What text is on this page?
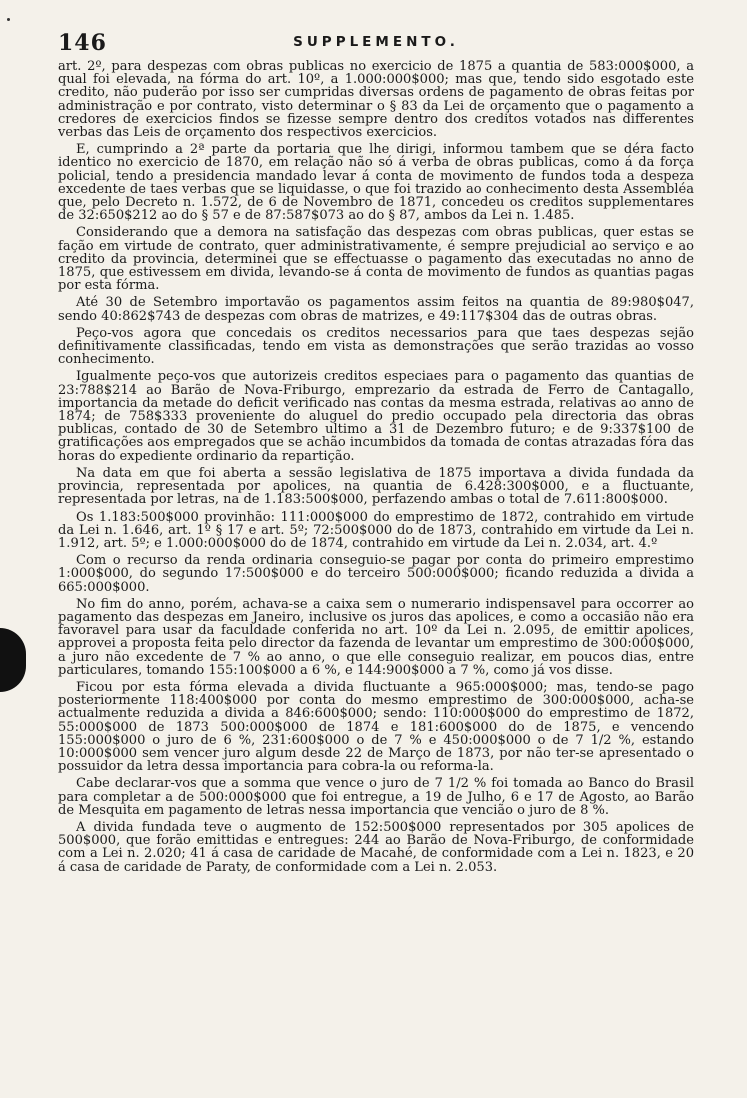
146	SUPPLEMENTO.

art. 2º, para despezas com obras publicas no exercicio de 1875 a quantia de 583:000$000, a qual foi elevada, na fórma do art. 10º, a 1.000:000$000; mas que, tendo sido esgotado este credito, não puderão por isso ser cumpridas diversas ordens de pagamento de obras feitas por administração e por contrato, visto determinar o § 83 da Lei de orçamento que o pagamento a credores de exercicios findos se fizesse sempre dentro dos creditos votados nas differentes verbas das Leis de orçamento dos respectivos exercicios.

E, cumprindo a 2ª parte da portaria que lhe dirigi, informou tambem que se déra facto identico no exercicio de 1870, em relação não só á verba de obras publicas, como á da força policial, tendo a presidencia mandado levar á conta de movimento de fundos toda a despeza excedente de taes verbas que se liquidasse, o que foi trazido ao conhecimento desta Assembléa que, pelo Decreto n. 1.572, de 6 de Novembro de 1871, concedeu os creditos supplementares de 32:650$212 ao do § 57 e de 87:587$073 ao do § 87, ambos da Lei n. 1.485.

Considerando que a demora na satisfação das despezas com obras publicas, quer estas se fação em virtude de contrato, quer administrativamente, é sempre prejudicial ao serviço e ao credito da provincia, determinei que se effectuasse o pagamento das executadas no anno de 1875, que estivessem em divida, levando-se á conta de movimento de fundos as quantias pagas por esta fórma.

Até 30 de Setembro importavão os pagamentos assim feitos na quantia de 89:980$047, sendo 40:862$743 de despezas com obras de matrizes, e 49:117$304 das de outras obras.

Peço-vos agora que concedais os creditos necessarios para que taes despezas sejão definitivamente classificadas, tendo em vista as demonstrações que serão trazidas ao vosso conhecimento.

Igualmente peço-vos que autorizeis creditos especiaes para o pagamento das quantias de 23:788$214 ao Barão de Nova-Friburgo, emprezario da estrada de Ferro de Cantagallo, importancia da metade do deficit verificado nas contas da mesma estrada, relativas ao anno de 1874; de 758$333 proveniente do aluguel do predio occupado pela directoria das obras publicas, contado de 30 de Setembro ultimo a 31 de Dezembro futuro; e de 9:337$100 de gratificações aos empregados que se achão incumbidos da tomada de contas atrazadas fóra das horas do expediente ordinario da repartição.

Na data em que foi aberta a sessão legislativa de 1875 importava a divida fundada da provincia, representada por apolices, na quantia de 6.428:300$000, e a fluctuante, representada por letras, na de 1.183:500$000, perfazendo ambas o total de 7.611:800$000.

Os 1.183:500$000 provinhão: 111:000$000 do emprestimo de 1872, contrahido em virtude da Lei n. 1.646, art. 1º § 17 e art. 5º; 72:500$000 do de 1873, contrahido em virtude da Lei n. 1.912, art. 5º; e 1.000:000$000 do de 1874, contrahido em virtude da Lei n. 2.034, art. 4.º

Com o recurso da renda ordinaria conseguio-se pagar por conta do primeiro emprestimo 1:000$000, do segundo 17:500$000 e do terceiro 500:000$000; ficando reduzida a divida a 665:000$000.

No fim do anno, porém, achava-se a caixa sem o numerario indispensavel para occorrer ao pagamento das despezas em Janeiro, inclusive os juros das apolices, e como a occasião não era favoravel para usar da faculdade conferida no art. 10º da Lei n. 2.095, de emittir apolices, approvei a proposta feita pelo director da fazenda de levantar um emprestimo de 300:000$000, a juro não excedente de 7 % ao anno, o que elle conseguio realizar, em poucos dias, entre particulares, tomando 155:100$000 a 6 %, e 144:900$000 a 7 %, como já vos disse.

Ficou por esta fórma elevada a divida fluctuante a 965:000$000; mas, tendo-se pago posteriormente 118:400$000 por conta do mesmo emprestimo de 300:000$000, acha-se actualmente reduzida a divida a 846:600$000; sendo: 110:000$000 do emprestimo de 1872, 55:000$000 de 1873 500:000$000 de 1874 e 181:600$000 do de 1875, e vencendo 155:000$000 o juro de 6 %, 231:600$000 o de 7 % e 450:000$000 o de 7 1/2 %, estando 10:000$000 sem vencer juro algum desde 22 de Março de 1873, por não ter-se apresentado o possuidor da letra dessa importancia para cobra-la ou reforma-la.

Cabe declarar-vos que a somma que vence o juro de 7 1/2 % foi tomada ao Banco do Brasil para completar a de 500:000$000 que foi entregue, a 19 de Julho, 6 e 17 de Agosto, ao Barão de Mesquita em pagamento de letras nessa importancia que vencião o juro de 8 %.

A divida fundada teve o augmento de 152:500$000 representados por 305 apolices de 500$000, que forão emittidas e entregues: 244 ao Barão de Nova-Friburgo, de conformidade com a Lei n. 2.020; 41 á casa de caridade de Macahé, de conformidade com a Lei n. 1823, e 20 á casa de caridade de Paraty, de conformidade com a Lei n. 2.053.
